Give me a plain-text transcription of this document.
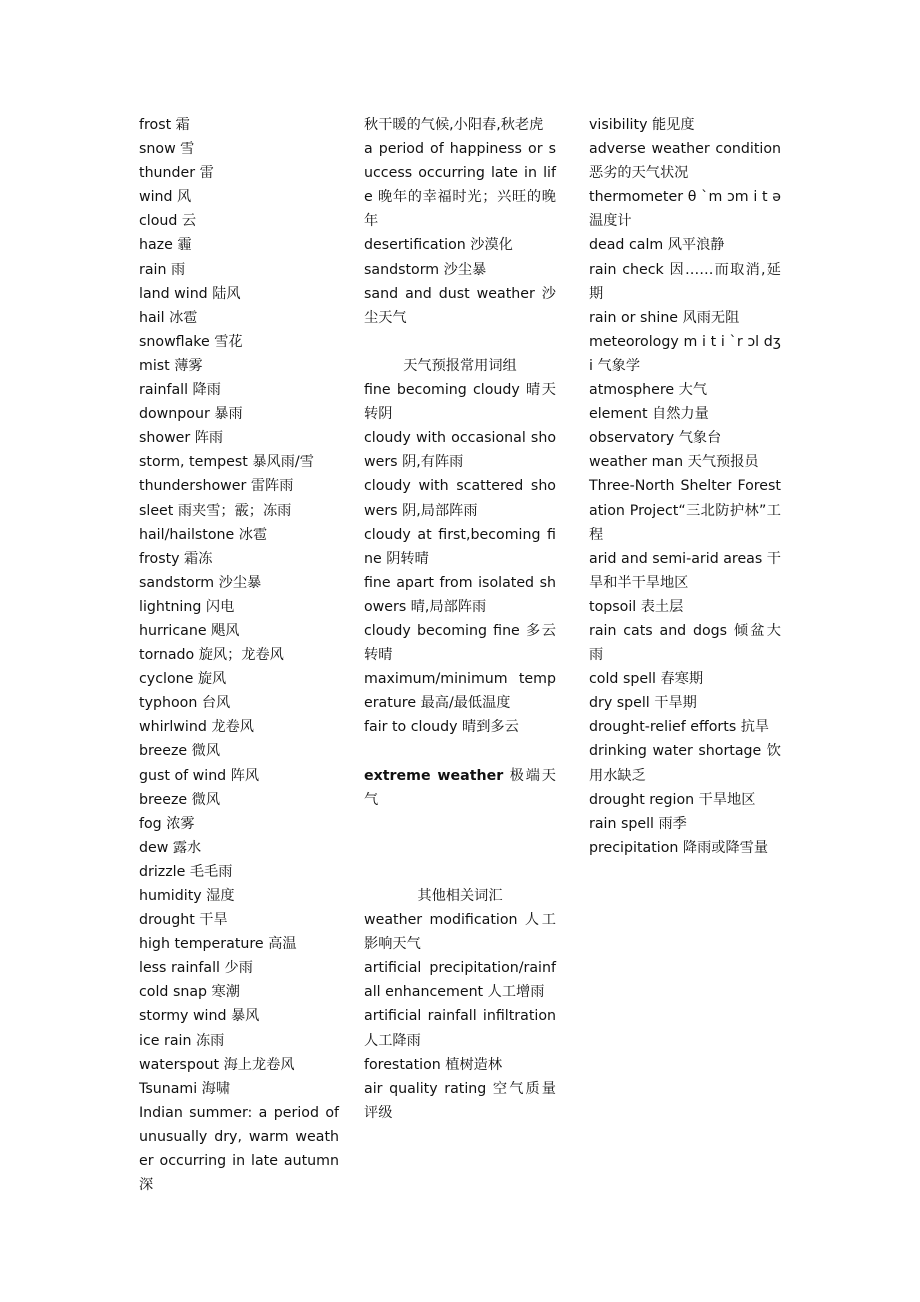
frost 霜

snow 雪

thunder 雷

wind 风

cloud 云

haze 霾

rain 雨

land wind 陆风

hail 冰雹

snowflake 雪花

mist 薄雾

rainfall 降雨

downpour 暴雨

shower 阵雨

storm, tempest 暴风雨/雪

thundershower 雷阵雨

sleet 雨夹雪；霰；冻雨

hail/hailstone 冰雹

frosty 霜冻

sandstorm 沙尘暴

lightning 闪电

hurricane 飓风

tornado 旋风；龙卷风

cyclone 旋风

typhoon 台风

whirlwind 龙卷风

breeze 微风

gust of wind 阵风

breeze 微风

fog 浓雾

dew 露水

drizzle 毛毛雨

humidity 湿度

drought 干旱

high temperature 高温

less rainfall 少雨

cold snap 寒潮

stormy wind 暴风

ice rain 冻雨

waterspout 海上龙卷风

Tsunami 海啸

Indian summer: a period of unusually dry, warm weather occurring in late autumn 深

秋干暖的气候,小阳春,秋老虎

a period of happiness or success occurring late in life 晚年的幸福时光；兴旺的晚年

desertification 沙漠化

sandstorm 沙尘暴

sand and dust weather 沙尘天气

天气预报常用词组

fine becoming cloudy 晴天转阴

cloudy with occasional showers 阴,有阵雨

cloudy with scattered showers 阴,局部阵雨

cloudy at first,becoming fine 阴转晴

fine apart from isolated showers 晴,局部阵雨

cloudy becoming fine 多云转晴

maximum/minimum temperature 最高/最低温度

fair to cloudy 晴到多云

extreme weather 极端天气

其他相关词汇

weather modification 人工影响天气

artificial precipitation/rainfall enhancement 人工增雨

artificial rainfall infiltration 人工降雨

forestation 植树造林

air quality rating 空气质量评级

visibility 能见度

adverse weather condition 恶劣的天气状况

thermometer θ ˋm ɔm i t ə 温度计

dead calm 风平浪静

rain check 因……而取消,延期

rain or shine 风雨无阻

meteorology m i t i ˋr ɔl dʒ i 气象学

atmosphere 大气

element 自然力量

observatory 气象台

weather man 天气预报员

Three-North Shelter Forestation Project“三北防护林”工程

arid and semi-arid areas 干旱和半干旱地区

topsoil 表土层

rain cats and dogs 倾盆大雨

cold spell 春寒期

dry spell 干旱期

drought-relief efforts 抗旱

drinking water shortage 饮用水缺乏

drought region 干旱地区

rain spell 雨季

precipitation 降雨或降雪量
